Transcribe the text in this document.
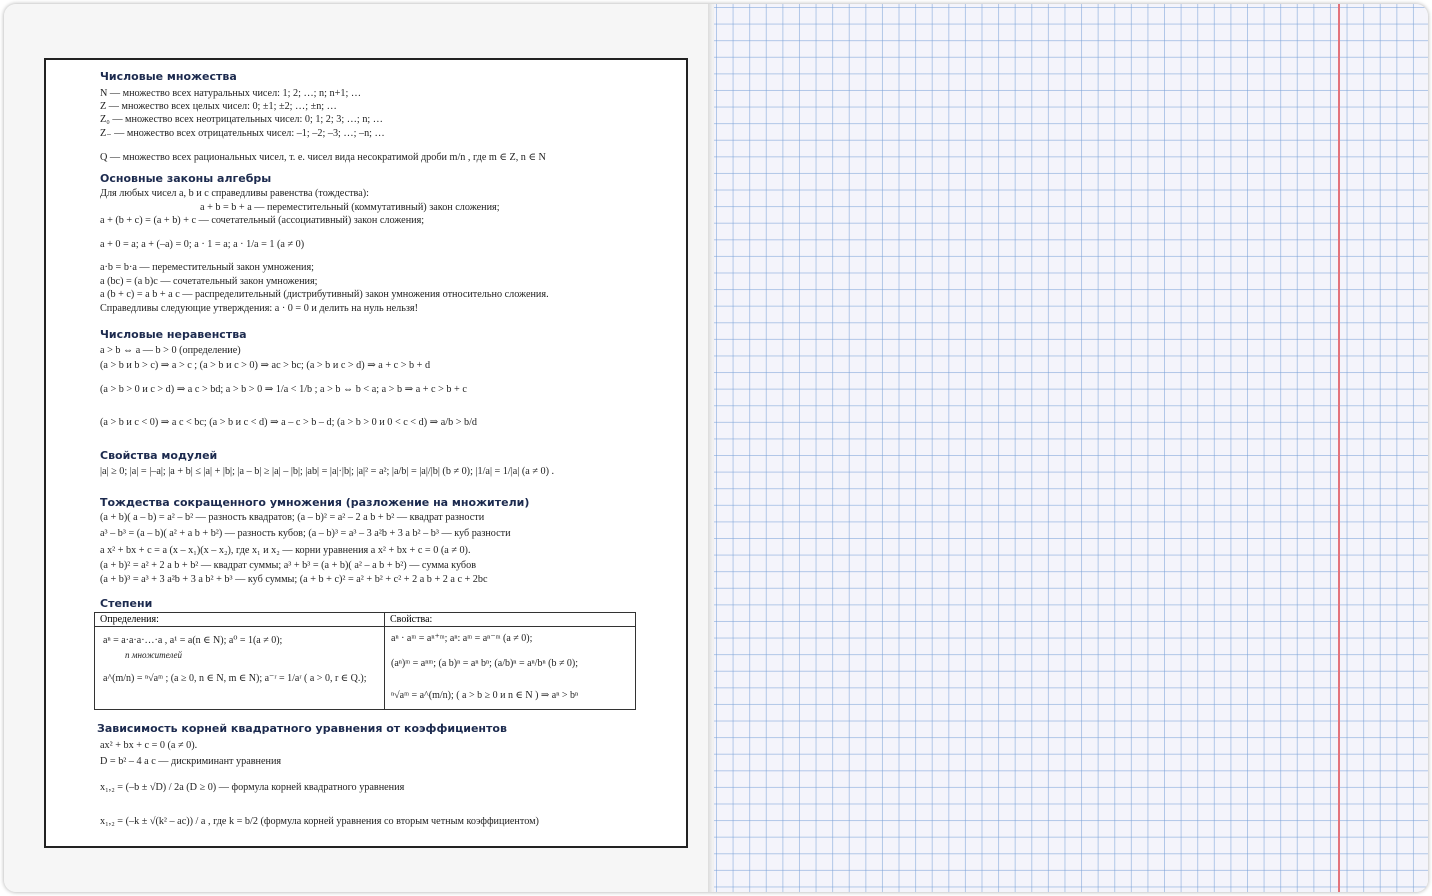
Числовые множества
N — множество всех натуральных чисел: 1; 2; …; n; n+1; …
Z — множество всех целых чисел: 0; ±1; ±2; …; ±n; …
Z₀ — множество всех неотрицательных чисел: 0; 1; 2; 3; …; n; …
Z₋ — множество всех отрицательных чисел: –1; –2; –3; …; –n; …
Q — множество всех рациональных чисел, т. е. чисел вида несократимой дроби m/n , где m ∈ Z, n ∈ N
Основные законы алгебры
Для любых чисел a, b и c справедливы равенства (тождества):
a + b = b + a — переместительный (коммутативный) закон сложения;
a + (b + c) = (a + b) + c — сочетательный (ассоциативный) закон сложения;
a + 0 = a; a + (–a) = 0; a · 1 = a; a · 1/a = 1 (a ≠ 0)
a·b = b·a — переместительный закон умножения;
a (bc) = (a b)c — сочетательный закон умножения;
a (b + c) = a b + a c — распределительный (дистрибутивный) закон умножения относительно сложения.
Справедливы следующие утверждения: a · 0 = 0 и делить на нуль нельзя!
Числовые неравенства
a > b ⇔ a — b > 0 (определение)
(a > b и b > c) ⇒ a > c ; (a > b и c > 0) ⇒ ac > bc; (a > b и c > d) ⇒ a + c > b + d
(a > b > 0 и c > d) ⇒ a c > bd; a > b > 0 ⇒ 1/a < 1/b ; a > b ⇔ b < a; a > b ⇒ a + c > b + c
(a > b и c < 0) ⇒ a c < bc; (a > b и c < d) ⇒ a – c > b – d; (a > b > 0 и 0 < c < d) ⇒ a/b > b/d
Свойства модулей
|a| ≥ 0; |a| = |–a|; |a + b| ≤ |a| + |b|; |a – b| ≥ |a| – |b|; |ab| = |a|·|b|; |a|² = a²; |a/b| = |a|/|b| (b ≠ 0); |1/a| = 1/|a| (a ≠ 0) .
Тождества сокращенного умножения (разложение на множители)
(a + b)( a – b) = a² – b² — разность квадратов; (a – b)² = a² – 2 a b + b² — квадрат разности
a³ – b³ = (a – b)( a² + a b + b²) — разность кубов; (a – b)³ = a³ – 3 a²b + 3 a b² – b³ — куб разности
a x² + bx + c = a (x – x₁)(x – x₂), где x₁ и x₂ — корни уравнения a x² + bx + c = 0 (a ≠ 0).
(a + b)² = a² + 2 a b + b² — квадрат суммы; a³ + b³ = (a + b)( a² – a b + b²) — сумма кубов
(a + b)³ = a³ + 3 a²b + 3 a b² + b³ — куб суммы; (a + b + c)² = a² + b² + c² + 2 a b + 2 a c + 2bc
Степени
Определения:	Свойства:
aⁿ = a·a·a·…·a , a¹ = a(n ∈ N); a⁰ = 1(a ≠ 0);
n множителей
a^(m/n) = ⁿ√aᵐ ; (a ≥ 0, n ∈ N, m ∈ N); a⁻ʳ = 1/aʳ ( a > 0, r ∈ Q.);
aⁿ · aᵐ = aⁿ⁺ᵐ; aⁿ: aᵐ = aⁿ⁻ᵐ (a ≠ 0);
(aⁿ)ᵐ = aⁿᵐ; (a b)ⁿ = aⁿ bⁿ; (a/b)ⁿ = aⁿ/bⁿ (b ≠ 0);
ⁿ√aᵐ = a^(m/n); ( a > b ≥ 0 и n ∈ N ) ⇒ aⁿ > bⁿ
Зависимость корней квадратного уравнения от коэффициентов
ax² + bx + c = 0 (a ≠ 0).
D = b² – 4 a c — дискриминант уравнения
x₁,₂ = (–b ± √D) / 2a (D ≥ 0) — формула корней квадратного уравнения
x₁,₂ = (–k ± √(k² – ac)) / a , где k = b/2 (формула корней уравнения со вторым четным коэффициентом)
